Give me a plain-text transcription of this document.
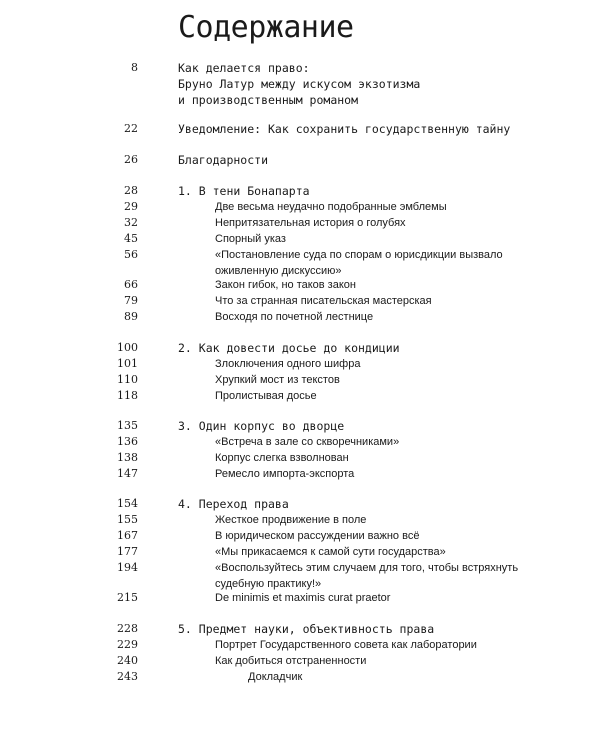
Содержание
8	Как делается право:
Бруно Латур между искусом экзотизма
и производственным романом
22	Уведомление: Как сохранить государственную тайну
26	Благодарности
28	1. В тени Бонапарта
29	Две весьма неудачно подобранные эмблемы
32	Непритязательная история о голубях
45	Спорный указ
56	«Постановление суда по спорам о юрисдикции вызвало
оживленную дискуссию»
66	Закон гибок, но таков закон
79	Что за странная писательская мастерская
89	Восходя по почетной лестнице
100	2. Как довести досье до кондиции
101	Злоключения одного шифра
110	Хрупкий мост из текстов
118	Пролистывая досье
135	3. Один корпус во дворце
136	«Встреча в зале со скворечниками»
138	Корпус слегка взволнован
147	Ремесло импорта-экспорта
154	4. Переход права
155	Жесткое продвижение в поле
167	В юридическом рассуждении важно всё
177	«Мы прикасаемся к самой сути государства»
194	«Воспользуйтесь этим случаем для того, чтобы встряхнуть
судебную практику!»
215	De minimis et maximis curat praetor
228	5. Предмет науки, объективность права
229	Портрет Государственного совета как лаборатории
240	Как добиться отстраненности
243	Докладчик
